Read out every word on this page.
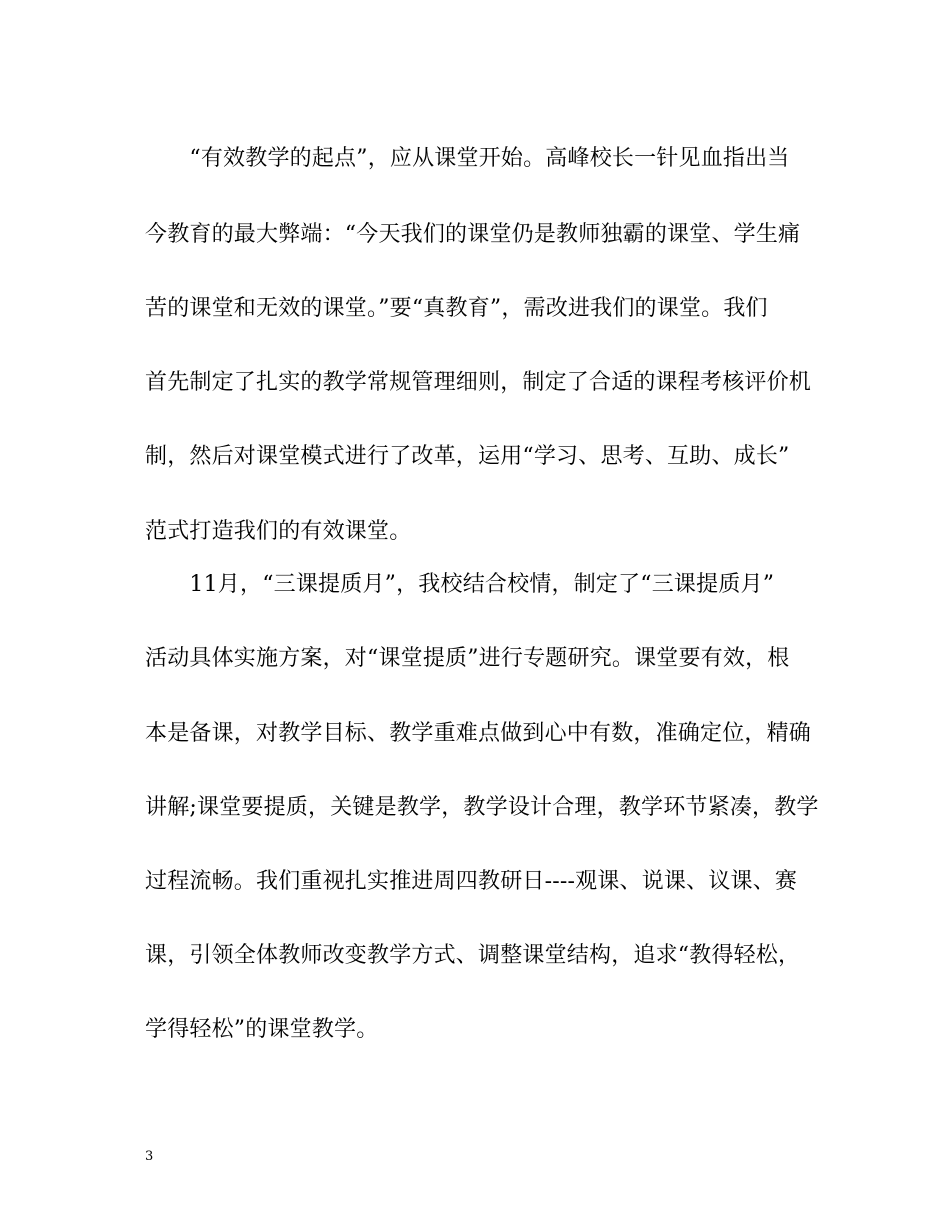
　　“有效教学的起点”，应从课堂开始。高峰校长一针见血指出当
今教育的最大弊端：“今天我们的课堂仍是教师独霸的课堂、学生痛
苦的课堂和无效的课堂。”要“真教育”，需改进我们的课堂。我们
首先制定了扎实的教学常规管理细则，制定了合适的课程考核评价机
制，然后对课堂模式进行了改革，运用“学习、思考、互助、成长”
范式打造我们的有效课堂。
　　11月，“三课提质月”，我校结合校情，制定了“三课提质月”
活动具体实施方案，对“课堂提质”进行专题研究。课堂要有效，根
本是备课，对教学目标、教学重难点做到心中有数，准确定位，精确
讲解;课堂要提质，关键是教学，教学设计合理，教学环节紧凑，教学
过程流畅。我们重视扎实推进周四教研日----观课、说课、议课、赛
课，引领全体教师改变教学方式、调整课堂结构，追求“教得轻松，
学得轻松”的课堂教学。
3
